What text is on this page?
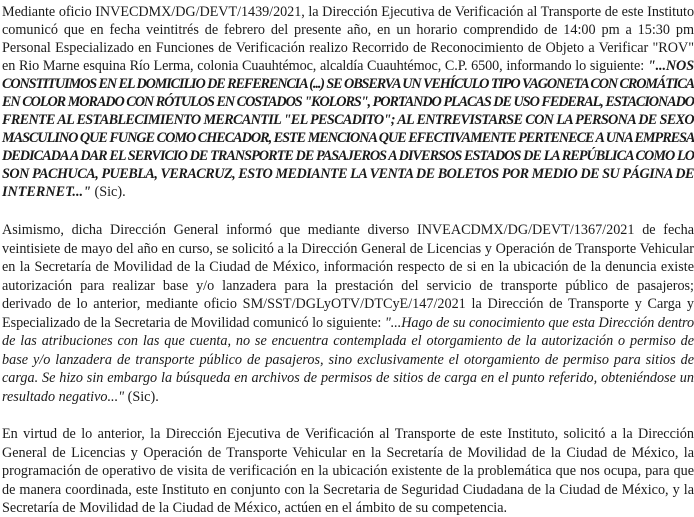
Mediante oficio INVECDMX/DG/DEVT/1439/2021, la Dirección Ejecutiva de Verificación al Transporte de este Instituto
comunicó que en fecha veintitrés de febrero del presente año, en un horario comprendido de 14:00 pm a 15:30 pm
Personal Especializado en Funciones de Verificación realizo Recorrido de Reconocimiento de Objeto a Verificar "ROV"
en Rio Marne esquina Río Lerma, colonia Cuauhtémoc, alcaldía Cuauhtémoc, C.P. 6500, informando lo siguiente: "...NOS
CONSTITUIMOS EN EL DOMICILIO DE REFERENCIA (...) SE OBSERVA UN VEHÍCULO TIPO VAGONETA CON CROMÁTICA
EN COLOR MORADO CON RÓTULOS EN COSTADOS "KOLORS", PORTANDO PLACAS DE USO FEDERAL, ESTACIONADO
FRENTE AL ESTABLECIMIENTO MERCANTIL "EL PESCADITO"; AL ENTREVISTARSE CON LA PERSONA DE SEXO
MASCULINO QUE FUNGE COMO CHECADOR, ESTE MENCIONA QUE EFECTIVAMENTE PERTENECE A UNA EMPRESA
DEDICADA A DAR EL SERVICIO DE TRANSPORTE DE PASAJEROS A DIVERSOS ESTADOS DE LA REPÚBLICA COMO LO
SON PACHUCA, PUEBLA, VERACRUZ, ESTO MEDIANTE LA VENTA DE BOLETOS POR MEDIO DE SU PÁGINA DE
INTERNET..." (Sic).
Asimismo, dicha Dirección General informó que mediante diverso INVEACDMX/DG/DEVT/1367/2021 de fecha
veintisiete de mayo del año en curso, se solicitó a la Dirección General de Licencias y Operación de Transporte Vehicular
en la Secretaría de Movilidad de la Ciudad de México, información respecto de si en la ubicación de la denuncia existe
autorización para realizar base y/o lanzadera para la prestación del servicio de transporte público de pasajeros;
derivado de lo anterior, mediante oficio SM/SST/DGLyOTV/DTCyE/147/2021 la Dirección de Transporte y Carga y
Especializado de la Secretaria de Movilidad comunicó lo siguiente: "...Hago de su conocimiento que esta Dirección dentro
de las atribuciones con las que cuenta, no se encuentra contemplada el otorgamiento de la autorización o permiso de
base y/o lanzadera de transporte público de pasajeros, sino exclusivamente el otorgamiento de permiso para sitios de
carga. Se hizo sin embargo la búsqueda en archivos de permisos de sitios de carga en el punto referido, obteniéndose un
resultado negativo..." (Sic).
En virtud de lo anterior, la Dirección Ejecutiva de Verificación al Transporte de este Instituto, solicitó a la Dirección
General de Licencias y Operación de Transporte Vehicular en la Secretaría de Movilidad de la Ciudad de México, la
programación de operativo de visita de verificación en la ubicación existente de la problemática que nos ocupa, para que
de manera coordinada, este Instituto en conjunto con la Secretaria de Seguridad Ciudadana de la Ciudad de México, y la
Secretaría de Movilidad de la Ciudad de México, actúen en el ámbito de su competencia.
